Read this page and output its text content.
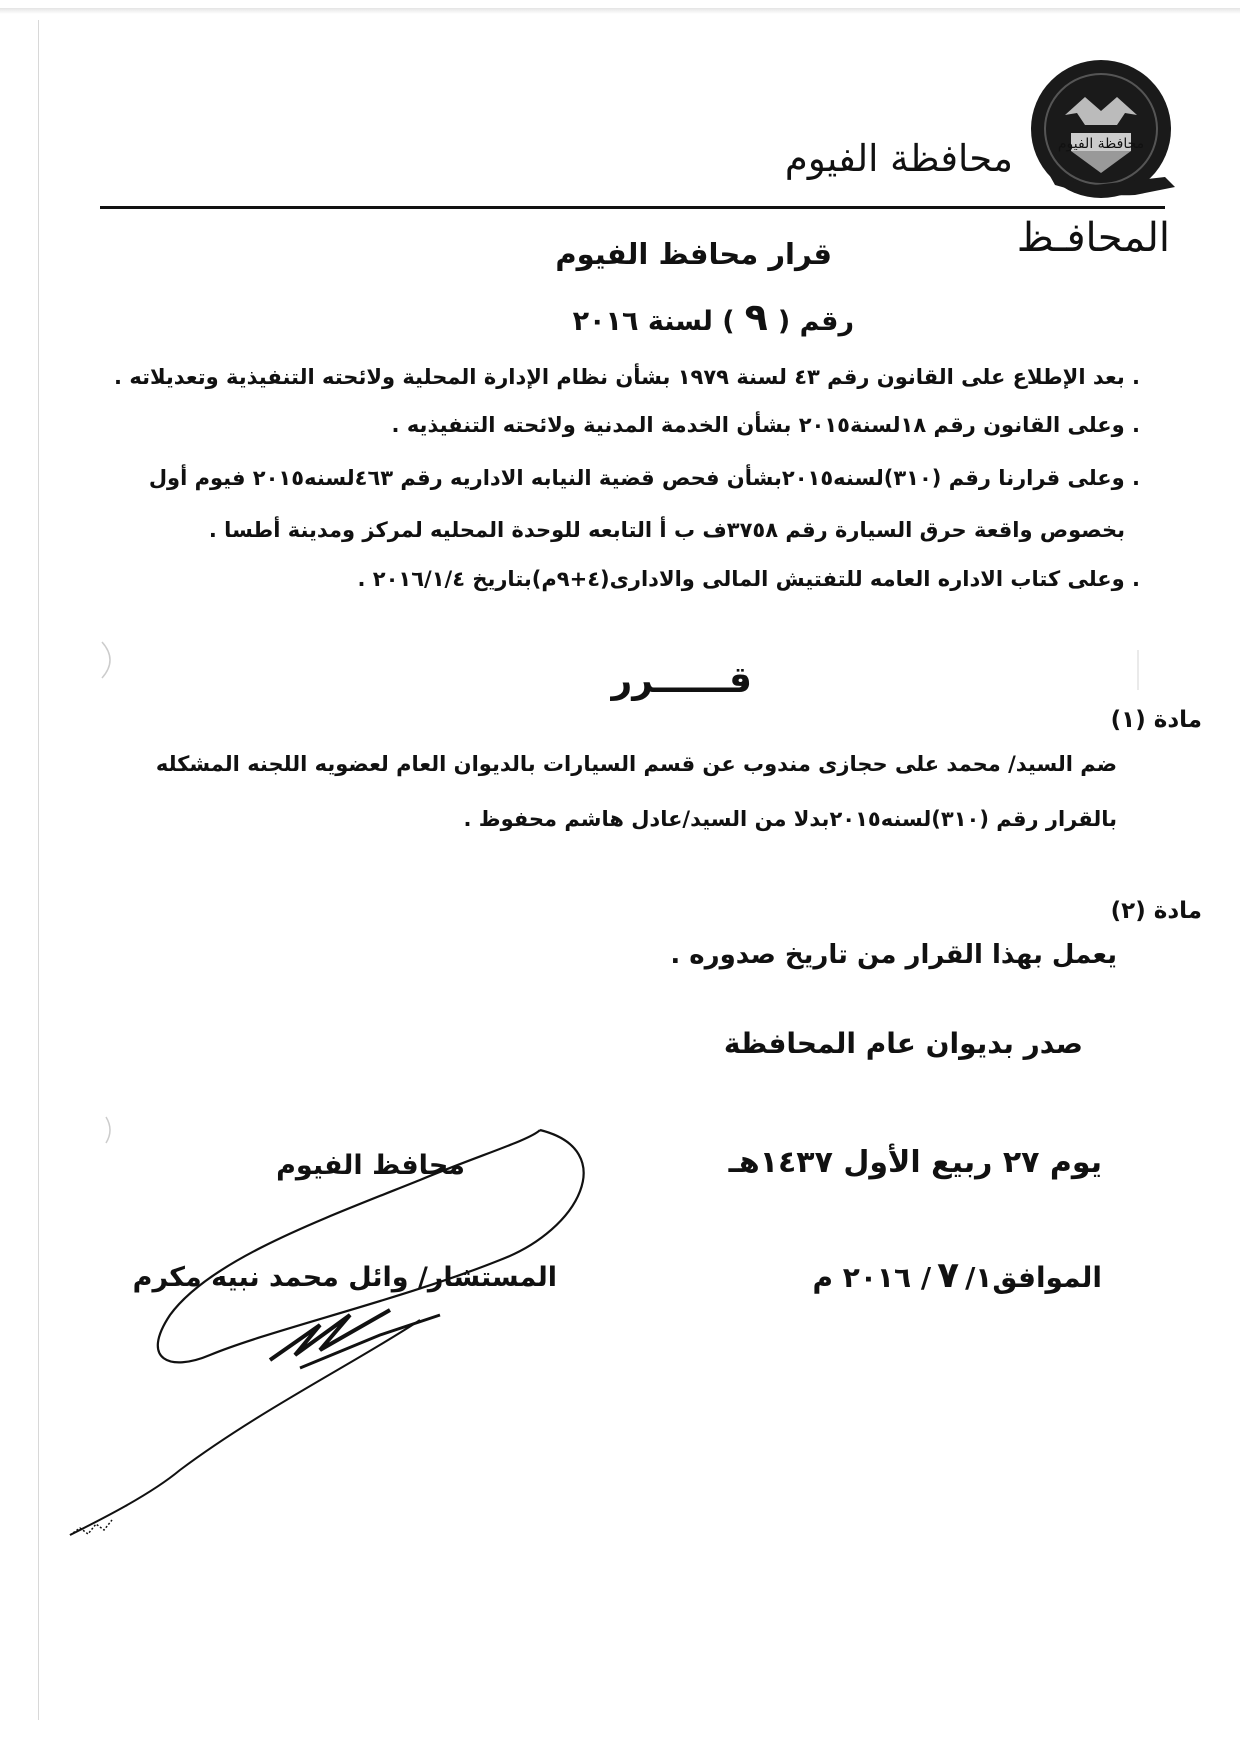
محافظة الفيوم
محافظة الفيوم
المحافـظ
قرار محافظ الفيوم
رقم (٩) لسنة ٢٠١٦
. بعد الإطلاع على القانون رقم ٤٣ لسنة ١٩٧٩ بشأن نظام الإدارة المحلية ولائحته التنفيذية وتعديلاته .
. وعلى القانون رقم ١٨لسنة٢٠١٥ بشأن الخدمة المدنية ولائحته التنفيذيه .
. وعلى قرارنا رقم (٣١٠)لسنه٢٠١٥بشأن فحص قضية النيابه الاداريه رقم ٤٦٣لسنه٢٠١٥ فيوم أول
بخصوص واقعة حرق السيارة رقم ٣٧٥٨ف ب أ التابعه للوحدة المحليه لمركز ومدينة أطسا .
. وعلى كتاب الاداره العامه للتفتيش المالى والادارى(٤+٩م)بتاريخ ٢٠١٦/١/٤ .
قــــــرر
مادة (١)
ضم السيد/ محمد على حجازى مندوب عن قسم السيارات بالديوان العام لعضويه اللجنه المشكله
بالقرار رقم (٣١٠)لسنه٢٠١٥بدلا من السيد/عادل هاشم محفوظ .
مادة (٢)
يعمل بهذا القرار من تاريخ صدوره .
صدر بديوان عام المحافظة
يوم ٢٧ ربيع الأول ١٤٣٧هـ
الموافق٧/١/ ٢٠١٦ م
محافظ الفيوم
المستشار/ وائل محمد نبيه مكرم
